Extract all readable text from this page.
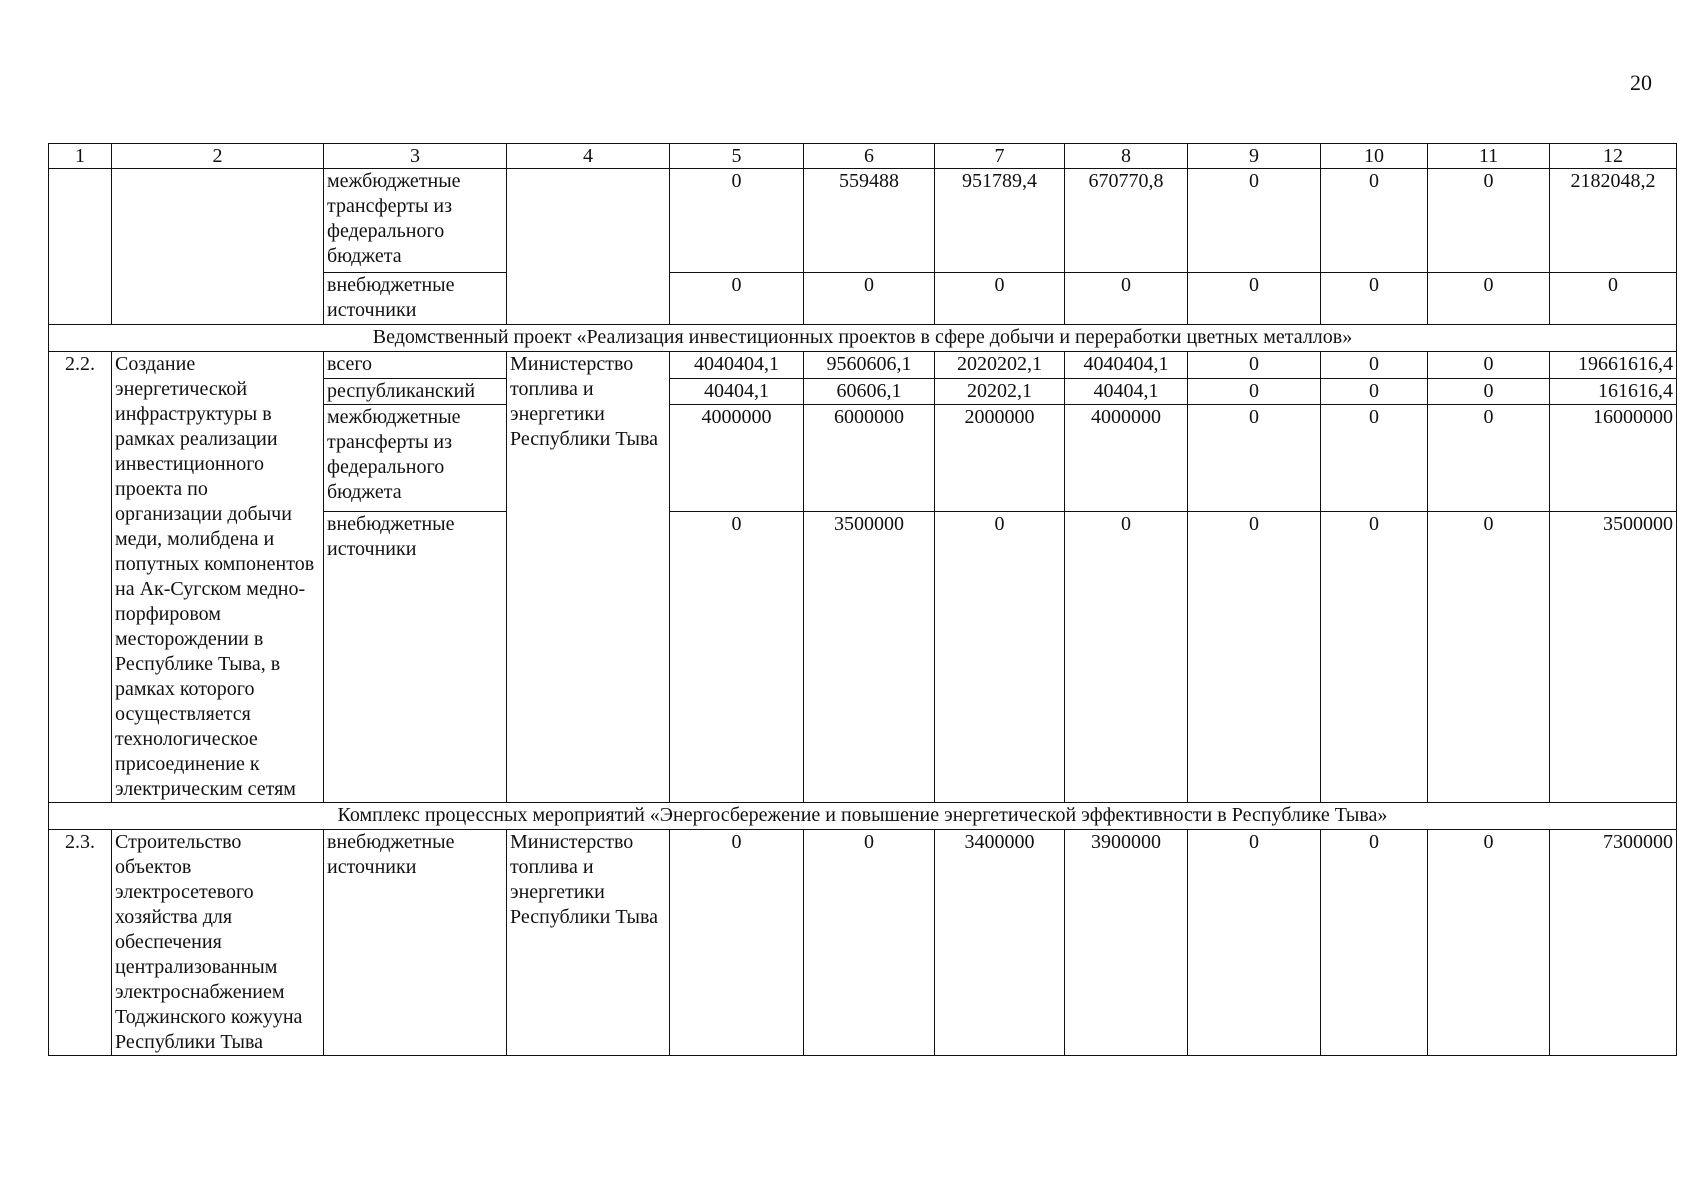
20
1	2	3	4	5	6	7	8	9	10	11	12
		межбюджетные трансферты из федерального бюджета		0	559488	951789,4	670770,8	0	0	0	2182048,2
		внебюджетные источники		0	0	0	0	0	0	0	0
Ведомственный проект «Реализация инвестиционных проектов в сфере добычи и переработки цветных металлов»											
2.2.	Создание энергетической инфраструктуры в рамках реализации инвестиционного проекта по организации добычи меди, молибдена и попутных компонентов на Ак-Сугском медно-порфировом месторождении в Республике Тыва, в рамках которого осуществляется технологическое присоединение к электрическим сетям	всего	Министерство топлива и энергетики Республики Тыва	4040404,1	9560606,1	2020202,1	4040404,1	0	0	0	19661616,4
		республиканский		40404,1	60606,1	20202,1	40404,1	0	0	0	161616,4
		межбюджетные трансферты из федерального бюджета		4000000	6000000	2000000	4000000	0	0	0	16000000
		внебюджетные источники		0	3500000	0	0	0	0	0	3500000
Комплекс процессных мероприятий «Энергосбережение и повышение энергетической эффективности в Республике Тыва»											
2.3.	Строительство объектов электросетевого хозяйства для обеспечения централизованным электроснабжением Тоджинского кожууна Республики Тыва	внебюджетные источники	Министерство топлива и энергетики Республики Тыва	0	0	3400000	3900000	0	0	0	7300000
